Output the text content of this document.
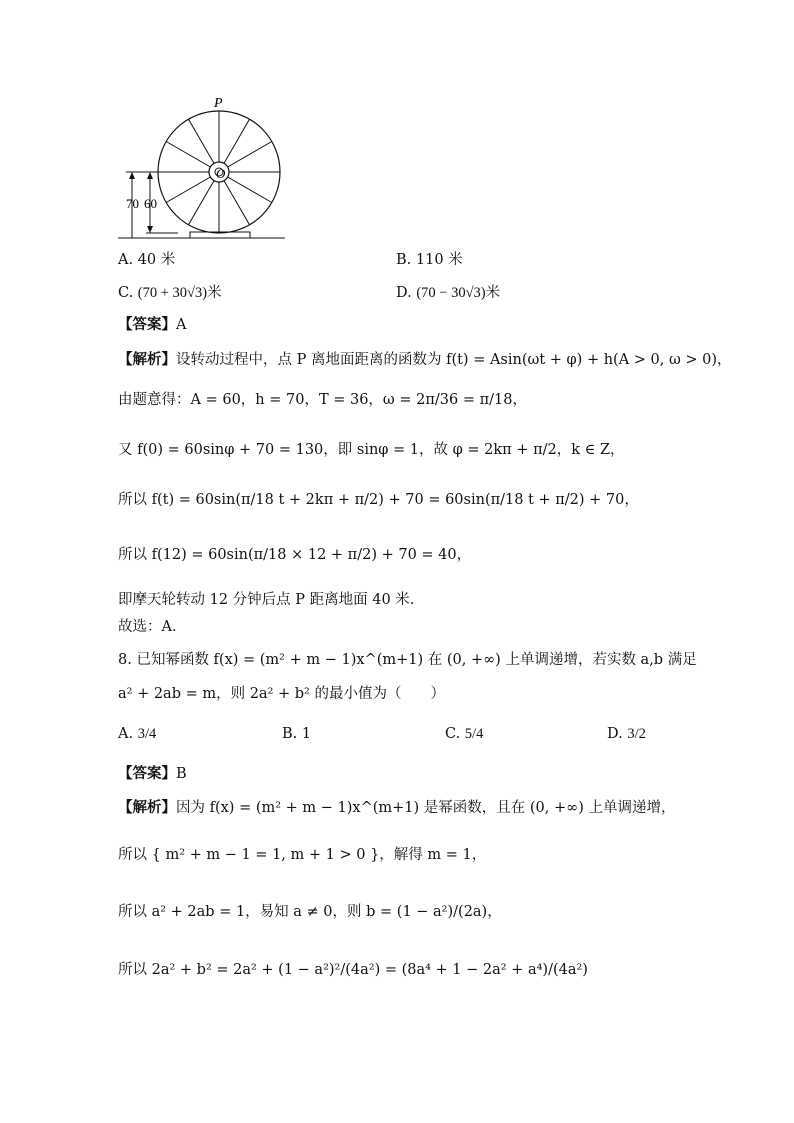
70 60
P
O
A. 40 米	B. 110 米
C. (70 + 30√3)米	D. (70 − 30√3)米
【答案】A
【解析】设转动过程中，点 P 离地面距离的函数为 f(t) = Asin(ωt + φ) + h(A > 0, ω > 0)，
由题意得：A = 60，h = 70，T = 36，ω = 2π/36 = π/18，
又 f(0) = 60sinφ + 70 = 130，即 sinφ = 1，故 φ = 2kπ + π/2，k ∈ Z，
所以 f(t) = 60sin(π/18 t + 2kπ + π/2) + 70 = 60sin(π/18 t + π/2) + 70，
所以 f(12) = 60sin(π/18 × 12 + π/2) + 70 = 40，
即摩天轮转动 12 分钟后点 P 距离地面 40 米.
故选：A.
8. 已知幂函数 f(x) = (m² + m − 1)x^(m+1) 在 (0, +∞) 上单调递增，若实数 a,b 满足
a² + 2ab = m，则 2a² + b² 的最小值为（　　）
A. 3/4	B. 1	C. 5/4	D. 3/2
【答案】B
【解析】因为 f(x) = (m² + m − 1)x^(m+1) 是幂函数，且在 (0, +∞) 上单调递增，
所以 { m² + m − 1 = 1, m + 1 > 0 }，解得 m = 1，
所以 a² + 2ab = 1，易知 a ≠ 0，则 b = (1 − a²)/(2a)，
所以 2a² + b² = 2a² + (1 − a²)²/(4a²) = (8a⁴ + 1 − 2a² + a⁴)/(4a²)
